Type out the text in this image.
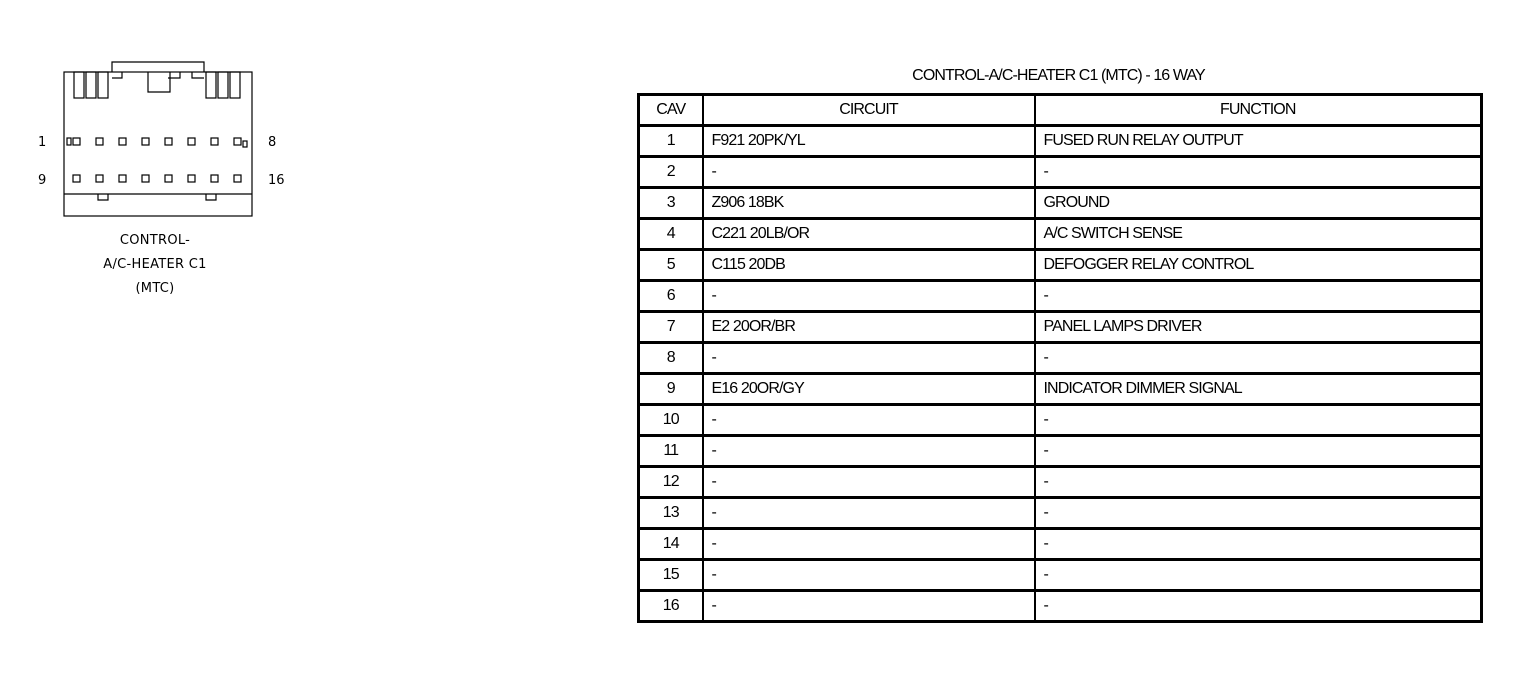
1	8
9	16
CONTROL-
A/C-HEATER C1
(MTC)
CONTROL-A/C-HEATER C1 (MTC) - 16 WAY
CAV	CIRCUIT	FUNCTION
1	F921 20PK/YL	FUSED RUN RELAY OUTPUT
2	-	-
3	Z906 18BK	GROUND
4	C221 20LB/OR	A/C SWITCH SENSE
5	C115 20DB	DEFOGGER RELAY CONTROL
6	-	-
7	E2 20OR/BR	PANEL LAMPS DRIVER
8	-	-
9	E16 20OR/GY	INDICATOR DIMMER SIGNAL
10	-	-
11	-	-
12	-	-
13	-	-
14	-	-
15	-	-
16	-	-
